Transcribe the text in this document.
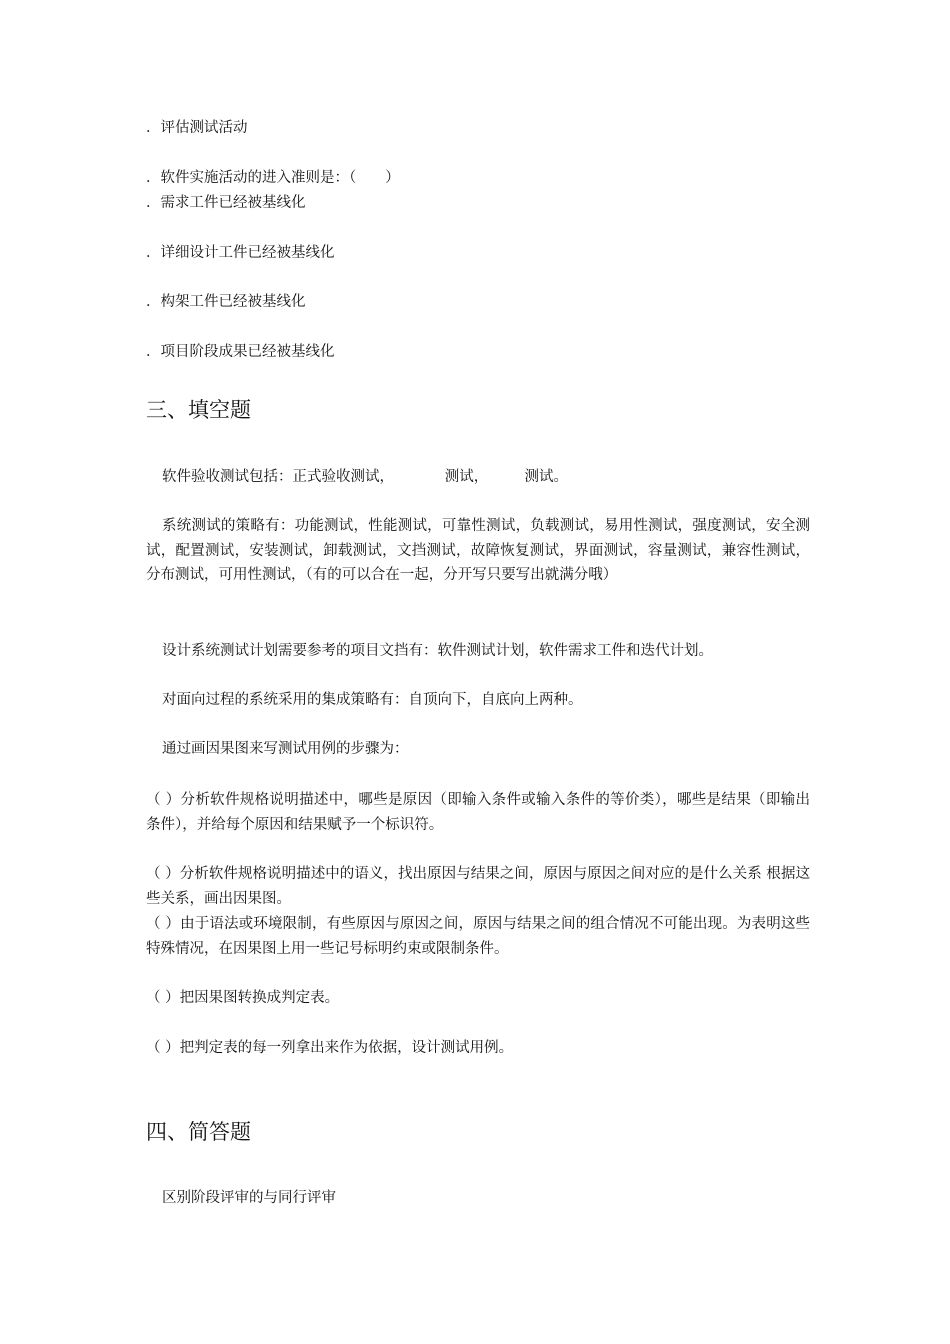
．评估测试活动
．软件实施活动的进入准则是：（　　）
．需求工件已经被基线化
．详细设计工件已经被基线化
．构架工件已经被基线化
．项目阶段成果已经被基线化
三、填空题
软件验收测试包括：正式验收测试，　　　　测试，　　　测试。
系统测试的策略有：功能测试，性能测试，可靠性测试，负载测试，易用性测试，强度测试，安全测试，配置测试，安装测试，卸载测试，文挡测试，故障恢复测试，界面测试，容量测试，兼容性测试，分布测试，可用性测试，（有的可以合在一起，分开写只要写出就满分哦）
设计系统测试计划需要参考的项目文挡有：软件测试计划，软件需求工件和迭代计划。
对面向过程的系统采用的集成策略有：自顶向下，自底向上两种。
通过画因果图来写测试用例的步骤为：
（ ）分析软件规格说明描述中，哪些是原因（即输入条件或输入条件的等价类），哪些是结果（即输出条件），并给每个原因和结果赋予一个标识符。
（ ）分析软件规格说明描述中的语义，找出原因与结果之间，原因与原因之间对应的是什么关系 根据这些关系，画出因果图。
（ ）由于语法或环境限制，有些原因与原因之间，原因与结果之间的组合情况不可能出现。为表明这些特殊情况，在因果图上用一些记号标明约束或限制条件。
（ ）把因果图转换成判定表。
（ ）把判定表的每一列拿出来作为依据，设计测试用例。
四、简答题
区别阶段评审的与同行评审
